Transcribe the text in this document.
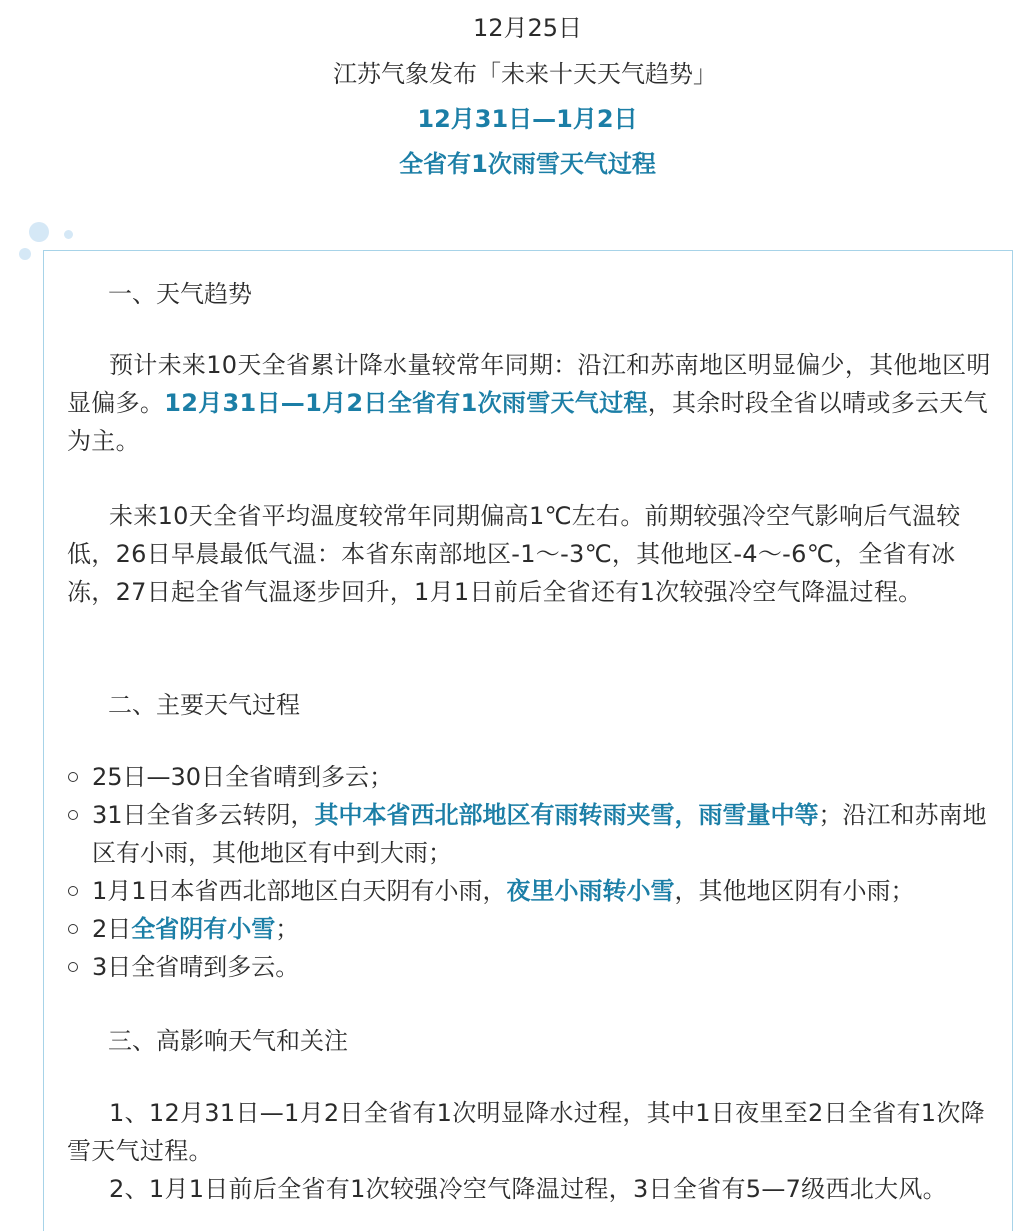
12月25日
江苏气象发布「未来十天天气趋势」
12月31日—1月2日
全省有1次雨雪天气过程
一、天气趋势

预计未来10天全省累计降水量较常年同期：沿江和苏南地区明显偏少，其他地区明显偏多。12月31日—1月2日全省有1次雨雪天气过程，其余时段全省以晴或多云天气为主。

未来10天全省平均温度较常年同期偏高1℃左右。前期较强冷空气影响后气温较低，26日早晨最低气温：本省东南部地区-1～-3℃，其他地区-4～-6℃，全省有冰冻，27日起全省气温逐步回升，1月1日前后全省还有1次较强冷空气降温过程。

二、主要天气过程
25日—30日全省晴到多云；
31日全省多云转阴，其中本省西北部地区有雨转雨夹雪，雨雪量中等；沿江和苏南地区有小雨，其他地区有中到大雨；
1月1日本省西北部地区白天阴有小雨，夜里小雨转小雪，其他地区阴有小雨；
2日全省阴有小雪；
3日全省晴到多云。
三、高影响天气和关注

1、12月31日—1月2日全省有1次明显降水过程，其中1日夜里至2日全省有1次降雪天气过程。

2、1月1日前后全省有1次较强冷空气降温过程，3日全省有5—7级西北大风。
